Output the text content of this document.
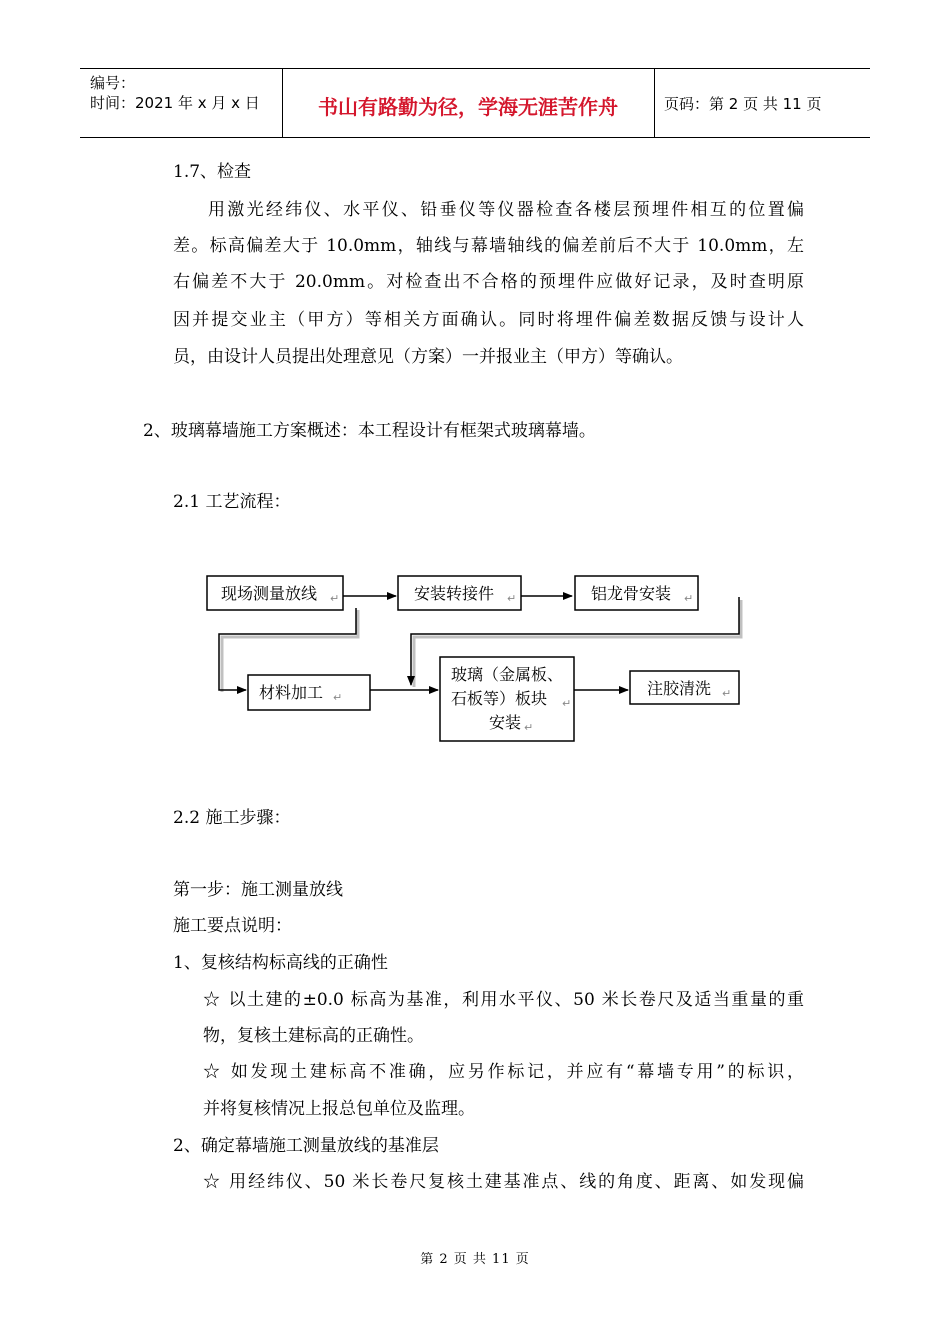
编号：
时间：2021 年 x 月 x 日	书山有路勤为径，学海无涯苦作舟	页码：第 2 页 共 11 页
1.7、检查
用激光经纬仪、水平仪、铅垂仪等仪器检查各楼层预埋件相互的位置偏
差。标高偏差大于 10.0mm，轴线与幕墙轴线的偏差前后不大于 10.0mm，左
右偏差不大于 20.0mm。对检查出不合格的预埋件应做好记录，及时查明原
因并提交业主（甲方）等相关方面确认。同时将埋件偏差数据反馈与设计人
员，由设计人员提出处理意见（方案）一并报业主（甲方）等确认。
2、玻璃幕墙施工方案概述：本工程设计有框架式玻璃幕墙。
2.1 工艺流程：
现场测量放线 ↵	安装转接件 ↵	铝龙骨安装 ↵
材料加工 ↵
玻璃（金属板、
石板等）板块 ↵
安装 ↵
注胶清洗 ↵
2.2 施工步骤：
第一步：施工测量放线
施工要点说明：
1、复核结构标高线的正确性
☆ 以土建的±0.0 标高为基准，利用水平仪、50 米长卷尺及适当重量的重
物，复核土建标高的正确性。
☆ 如发现土建标高不准确，应另作标记，并应有“幕墙专用”的标识，
并将复核情况上报总包单位及监理。
2、确定幕墙施工测量放线的基准层
☆ 用经纬仪、50 米长卷尺复核土建基准点、线的角度、距离、如发现偏
第 2 页 共 11 页
